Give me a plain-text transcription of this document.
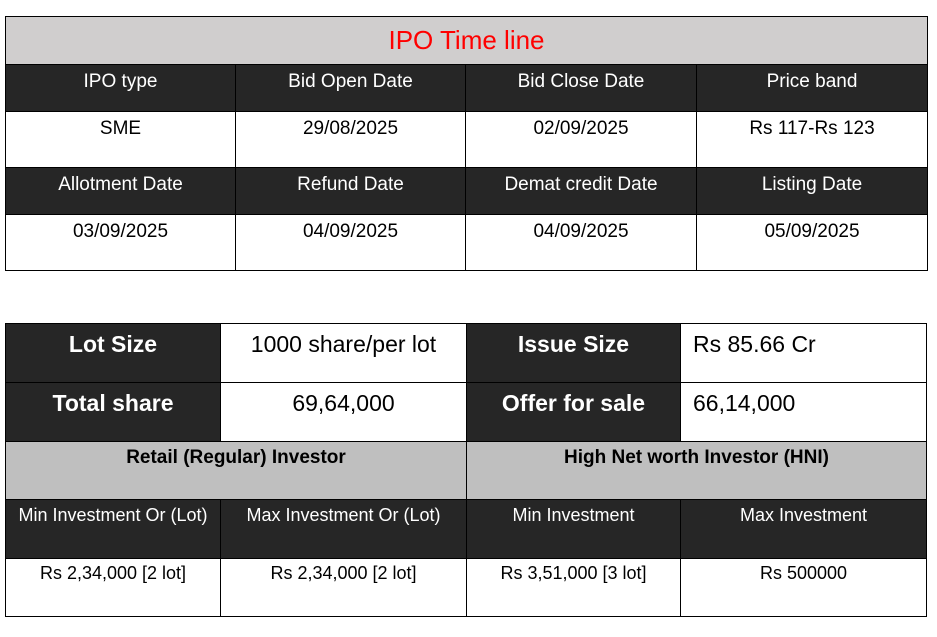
IPO Time line			
IPO type	Bid Open Date	Bid Close Date	Price band
SME	29/08/2025	02/09/2025	Rs 117-Rs 123
Allotment Date	Refund Date	Demat credit Date	Listing Date
03/09/2025	04/09/2025	04/09/2025	05/09/2025
Lot Size	1000 share/per lot	Issue Size	Rs 85.66 Cr
Total share	69,64,000	Offer for sale	66,14,000
Retail (Regular) Investor		High Net worth Investor (HNI)	
Min Investment Or (Lot)	Max Investment Or (Lot)	Min Investment	Max Investment
Rs 2,34,000 [2 lot]	Rs 2,34,000 [2 lot]	Rs 3,51,000 [3 lot]	Rs 500000
